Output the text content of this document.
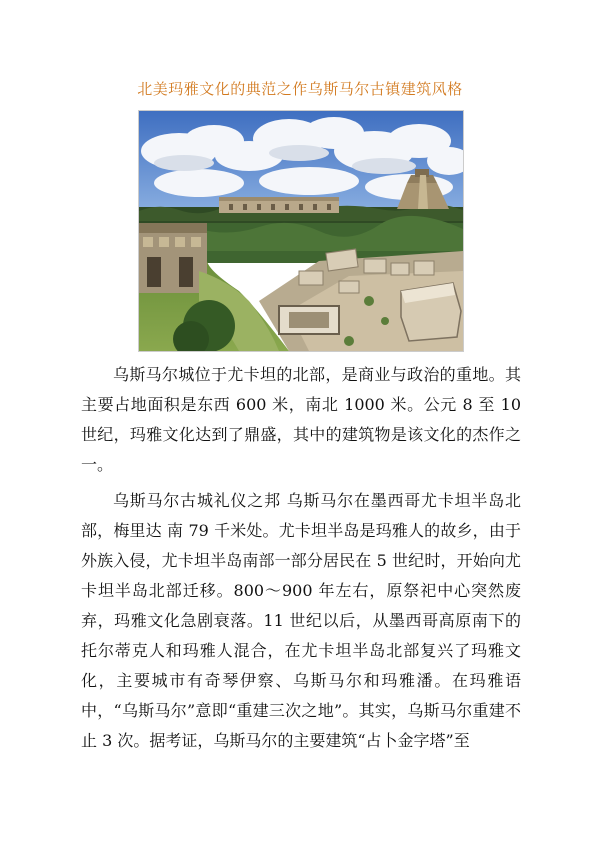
北美玛雅文化的典范之作乌斯马尔古镇建筑风格

乌斯马尔城位于尤卡坦的北部，是商业与政治的重地。其主要占地面积是东西 600 米，南北 1000 米。公元 8 至 10 世纪，玛雅文化达到了鼎盛，其中的建筑物是该文化的杰作之一。

乌斯马尔古城礼仪之邦 乌斯马尔在墨西哥尤卡坦半岛北部，梅里达 南 79 千米处。尤卡坦半岛是玛雅人的故乡，由于外族入侵，尤卡坦半岛南部一部分居民在 5 世纪时，开始向尤卡坦半岛北部迁移。800～900 年左右，原祭祀中心突然废弃，玛雅文化急剧衰落。11 世纪以后，从墨西哥高原南下的托尔蒂克人和玛雅人混合，在尤卡坦半岛北部复兴了玛雅文化，主要城市有奇琴伊察、乌斯马尔和玛雅潘。在玛雅语中，“乌斯马尔”意即“重建三次之地”。其实，乌斯马尔重建不止 3 次。据考证，乌斯马尔的主要建筑“占卜金字塔”至
